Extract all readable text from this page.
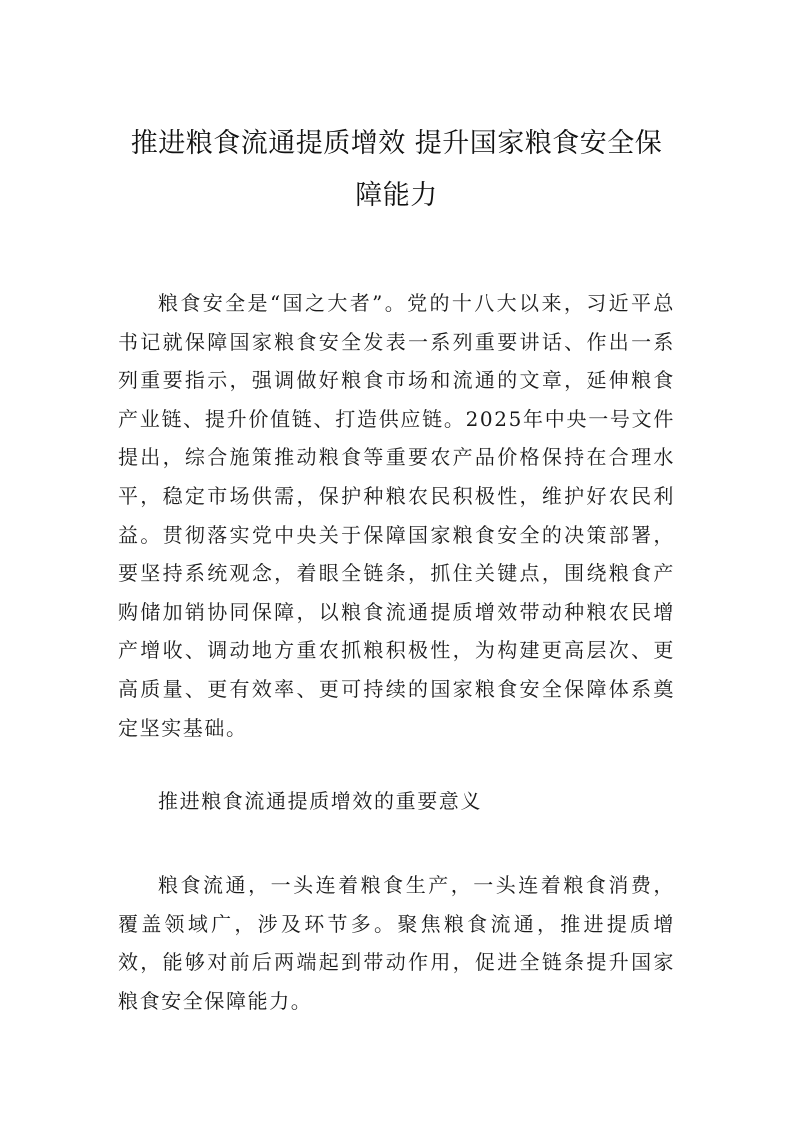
推进粮食流通提质增效 提升国家粮食安全保障能力

粮食安全是“国之大者”。党的十八大以来，习近平总书记就保障国家粮食安全发表一系列重要讲话、作出一系列重要指示，强调做好粮食市场和流通的文章，延伸粮食产业链、提升价值链、打造供应链。2025年中央一号文件提出，综合施策推动粮食等重要农产品价格保持在合理水平，稳定市场供需，保护种粮农民积极性，维护好农民利益。贯彻落实党中央关于保障国家粮食安全的决策部署，要坚持系统观念，着眼全链条，抓住关键点，围绕粮食产购储加销协同保障，以粮食流通提质增效带动种粮农民增产增收、调动地方重农抓粮积极性，为构建更高层次、更高质量、更有效率、更可持续的国家粮食安全保障体系奠定坚实基础。

推进粮食流通提质增效的重要意义

粮食流通，一头连着粮食生产，一头连着粮食消费，覆盖领域广，涉及环节多。聚焦粮食流通，推进提质增效，能够对前后两端起到带动作用，促进全链条提升国家粮食安全保障能力。
